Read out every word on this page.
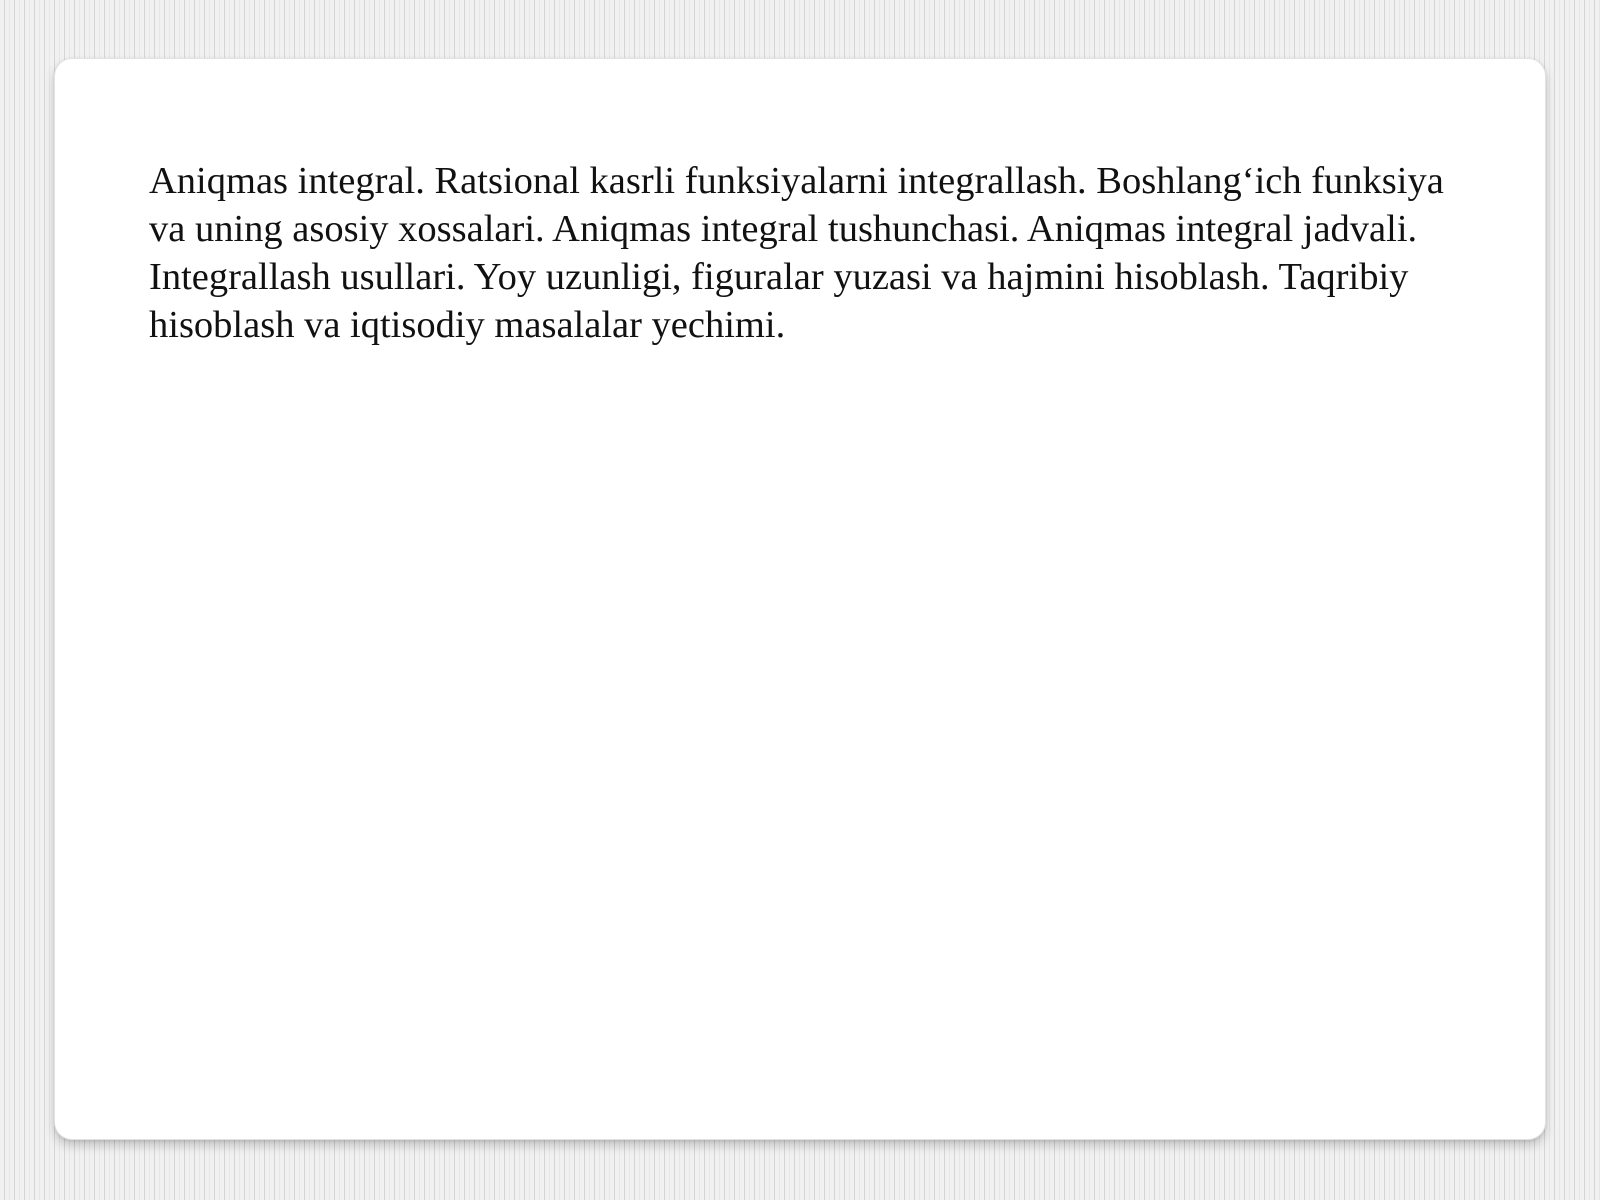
Aniqmas integral. Ratsional kasrli funksiyalarni integrallash. Boshlang‘ich funksiya va uning asosiy xossalari. Aniqmas integral tushunchasi. Aniqmas integral jadvali. Integrallash usullari. Yoy uzunligi, figuralar yuzasi va hajmini hisoblash. Taqribiy hisoblash va iqtisodiy masalalar yechimi.
